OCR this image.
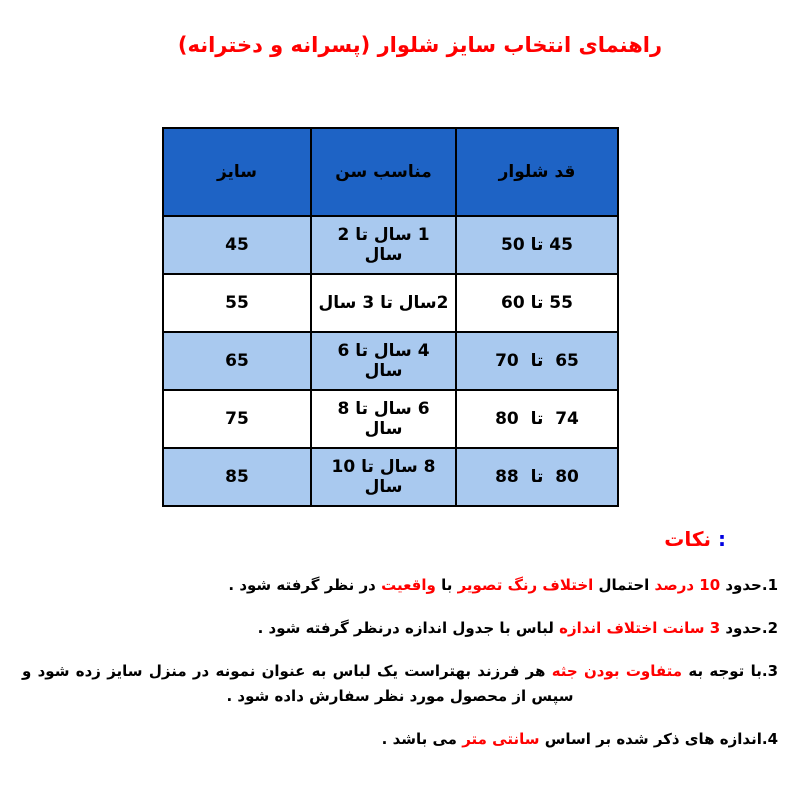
راهنمای انتخاب سایز شلوار (پسرانه و دخترانه)
قد شلوار	مناسب سن	سایز
45 تا 50	1 سال تا 2 سال	45
55 تا 60	2سال تا 3 سال	55
65  تا  70	4 سال تا 6 سال	65
74  تا  80	6 سال تا 8 سال	75
80  تا  88	8 سال تا 10 سال	85
نکات :
1.حدود 10 درصد احتمال اختلاف رنگ تصویر با واقعیت در نظر گرفته شود .
2.حدود 3 سانت اختلاف اندازه لباس با جدول اندازه درنظر گرفته شود .
3.با توجه به متفاوت بودن جثه هر فرزند بهتراست یک لباس به عنوان نمونه در منزل سایز زده شود و
سپس از محصول مورد نظر سفارش داده شود .
4.اندازه های ذکر شده بر اساس سانتی متر می باشد .
